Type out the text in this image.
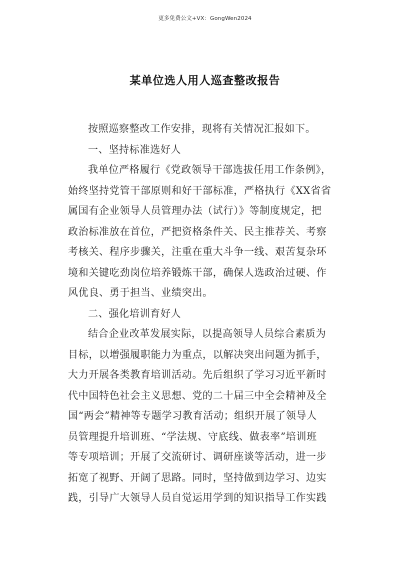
更多免费公文+VX：GongWen2024
某单位选人用人巡查整改报告
按照巡察整改工作安排，现将有关情况汇报如下。
一、坚持标准选好人
我单位严格履行《党政领导干部选拔任用工作条例》，
始终坚持党管干部原则和好干部标准，严格执行《XX省省
属国有企业领导人员管理办法（试行）》等制度规定，把
政治标准放在首位，严把资格条件关、民主推荐关、考察
考核关、程序步骤关，注重在重大斗争一线、艰苦复杂环
境和关键吃劲岗位培养锻炼干部，确保人选政治过硬、作
风优良、勇于担当、业绩突出。
二、强化培训育好人
结合企业改革发展实际，以提高领导人员综合素质为
目标，以增强履职能力为重点，以解决突出问题为抓手，
大力开展各类教育培训活动。先后组织了学习习近平新时
代中国特色社会主义思想、党的二十届三中全会精神及全
国“两会”精神等专题学习教育活动；组织开展了领导人
员管理提升培训班、“学法规、守底线、做表率”培训班
等专项培训；开展了交流研讨、调研座谈等活动，进一步
拓宽了视野、开阔了思路。同时，坚持做到边学习、边实
践，引导广大领导人员自觉运用学到的知识指导工作实践
